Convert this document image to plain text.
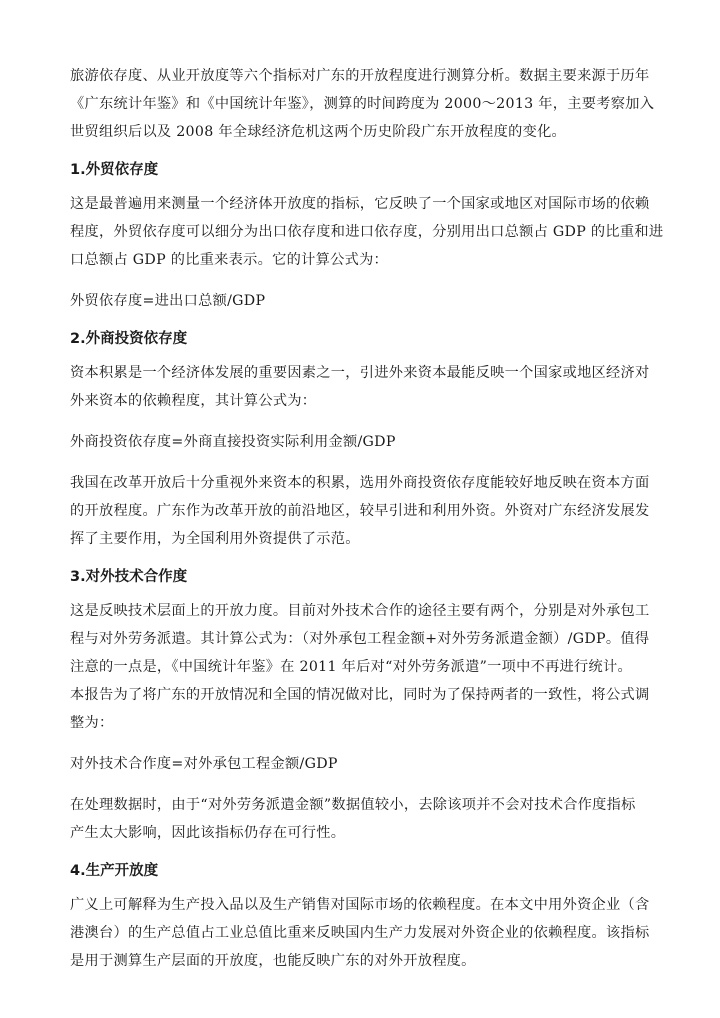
旅游依存度、从业开放度等六个指标对广东的开放程度进行测算分析。数据主要来源于历年
《广东统计年鉴》和《中国统计年鉴》，测算的时间跨度为 2000～2013 年，主要考察加入
世贸组织后以及 2008 年全球经济危机这两个历史阶段广东开放程度的变化。

1.外贸依存度

这是最普遍用来测量一个经济体开放度的指标，它反映了一个国家或地区对国际市场的依赖
程度，外贸依存度可以细分为出口依存度和进口依存度，分别用出口总额占 GDP 的比重和进
口总额占 GDP 的比重来表示。它的计算公式为：

外贸依存度=进出口总额/GDP

2.外商投资依存度

资本积累是一个经济体发展的重要因素之一，引进外来资本最能反映一个国家或地区经济对
外来资本的依赖程度，其计算公式为：

外商投资依存度=外商直接投资实际利用金额/GDP

我国在改革开放后十分重视外来资本的积累，选用外商投资依存度能较好地反映在资本方面
的开放程度。广东作为改革开放的前沿地区，较早引进和利用外资。外资对广东经济发展发
挥了主要作用，为全国利用外资提供了示范。

3.对外技术合作度

这是反映技术层面上的开放力度。目前对外技术合作的途径主要有两个，分别是对外承包工
程与对外劳务派遣。其计算公式为：（对外承包工程金额+对外劳务派遣金额）/GDP。值得
注意的一点是，《中国统计年鉴》在 2011 年后对“对外劳务派遣”一项中不再进行统计。
本报告为了将广东的开放情况和全国的情况做对比，同时为了保持两者的一致性，将公式调
整为：

对外技术合作度=对外承包工程金额/GDP

在处理数据时，由于“对外劳务派遣金额”数据值较小，去除该项并不会对技术合作度指标
产生太大影响，因此该指标仍存在可行性。

4.生产开放度

广义上可解释为生产投入品以及生产销售对国际市场的依赖程度。在本文中用外资企业（含
港澳台）的生产总值占工业总值比重来反映国内生产力发展对外资企业的依赖程度。该指标
是用于测算生产层面的开放度，也能反映广东的对外开放程度。
